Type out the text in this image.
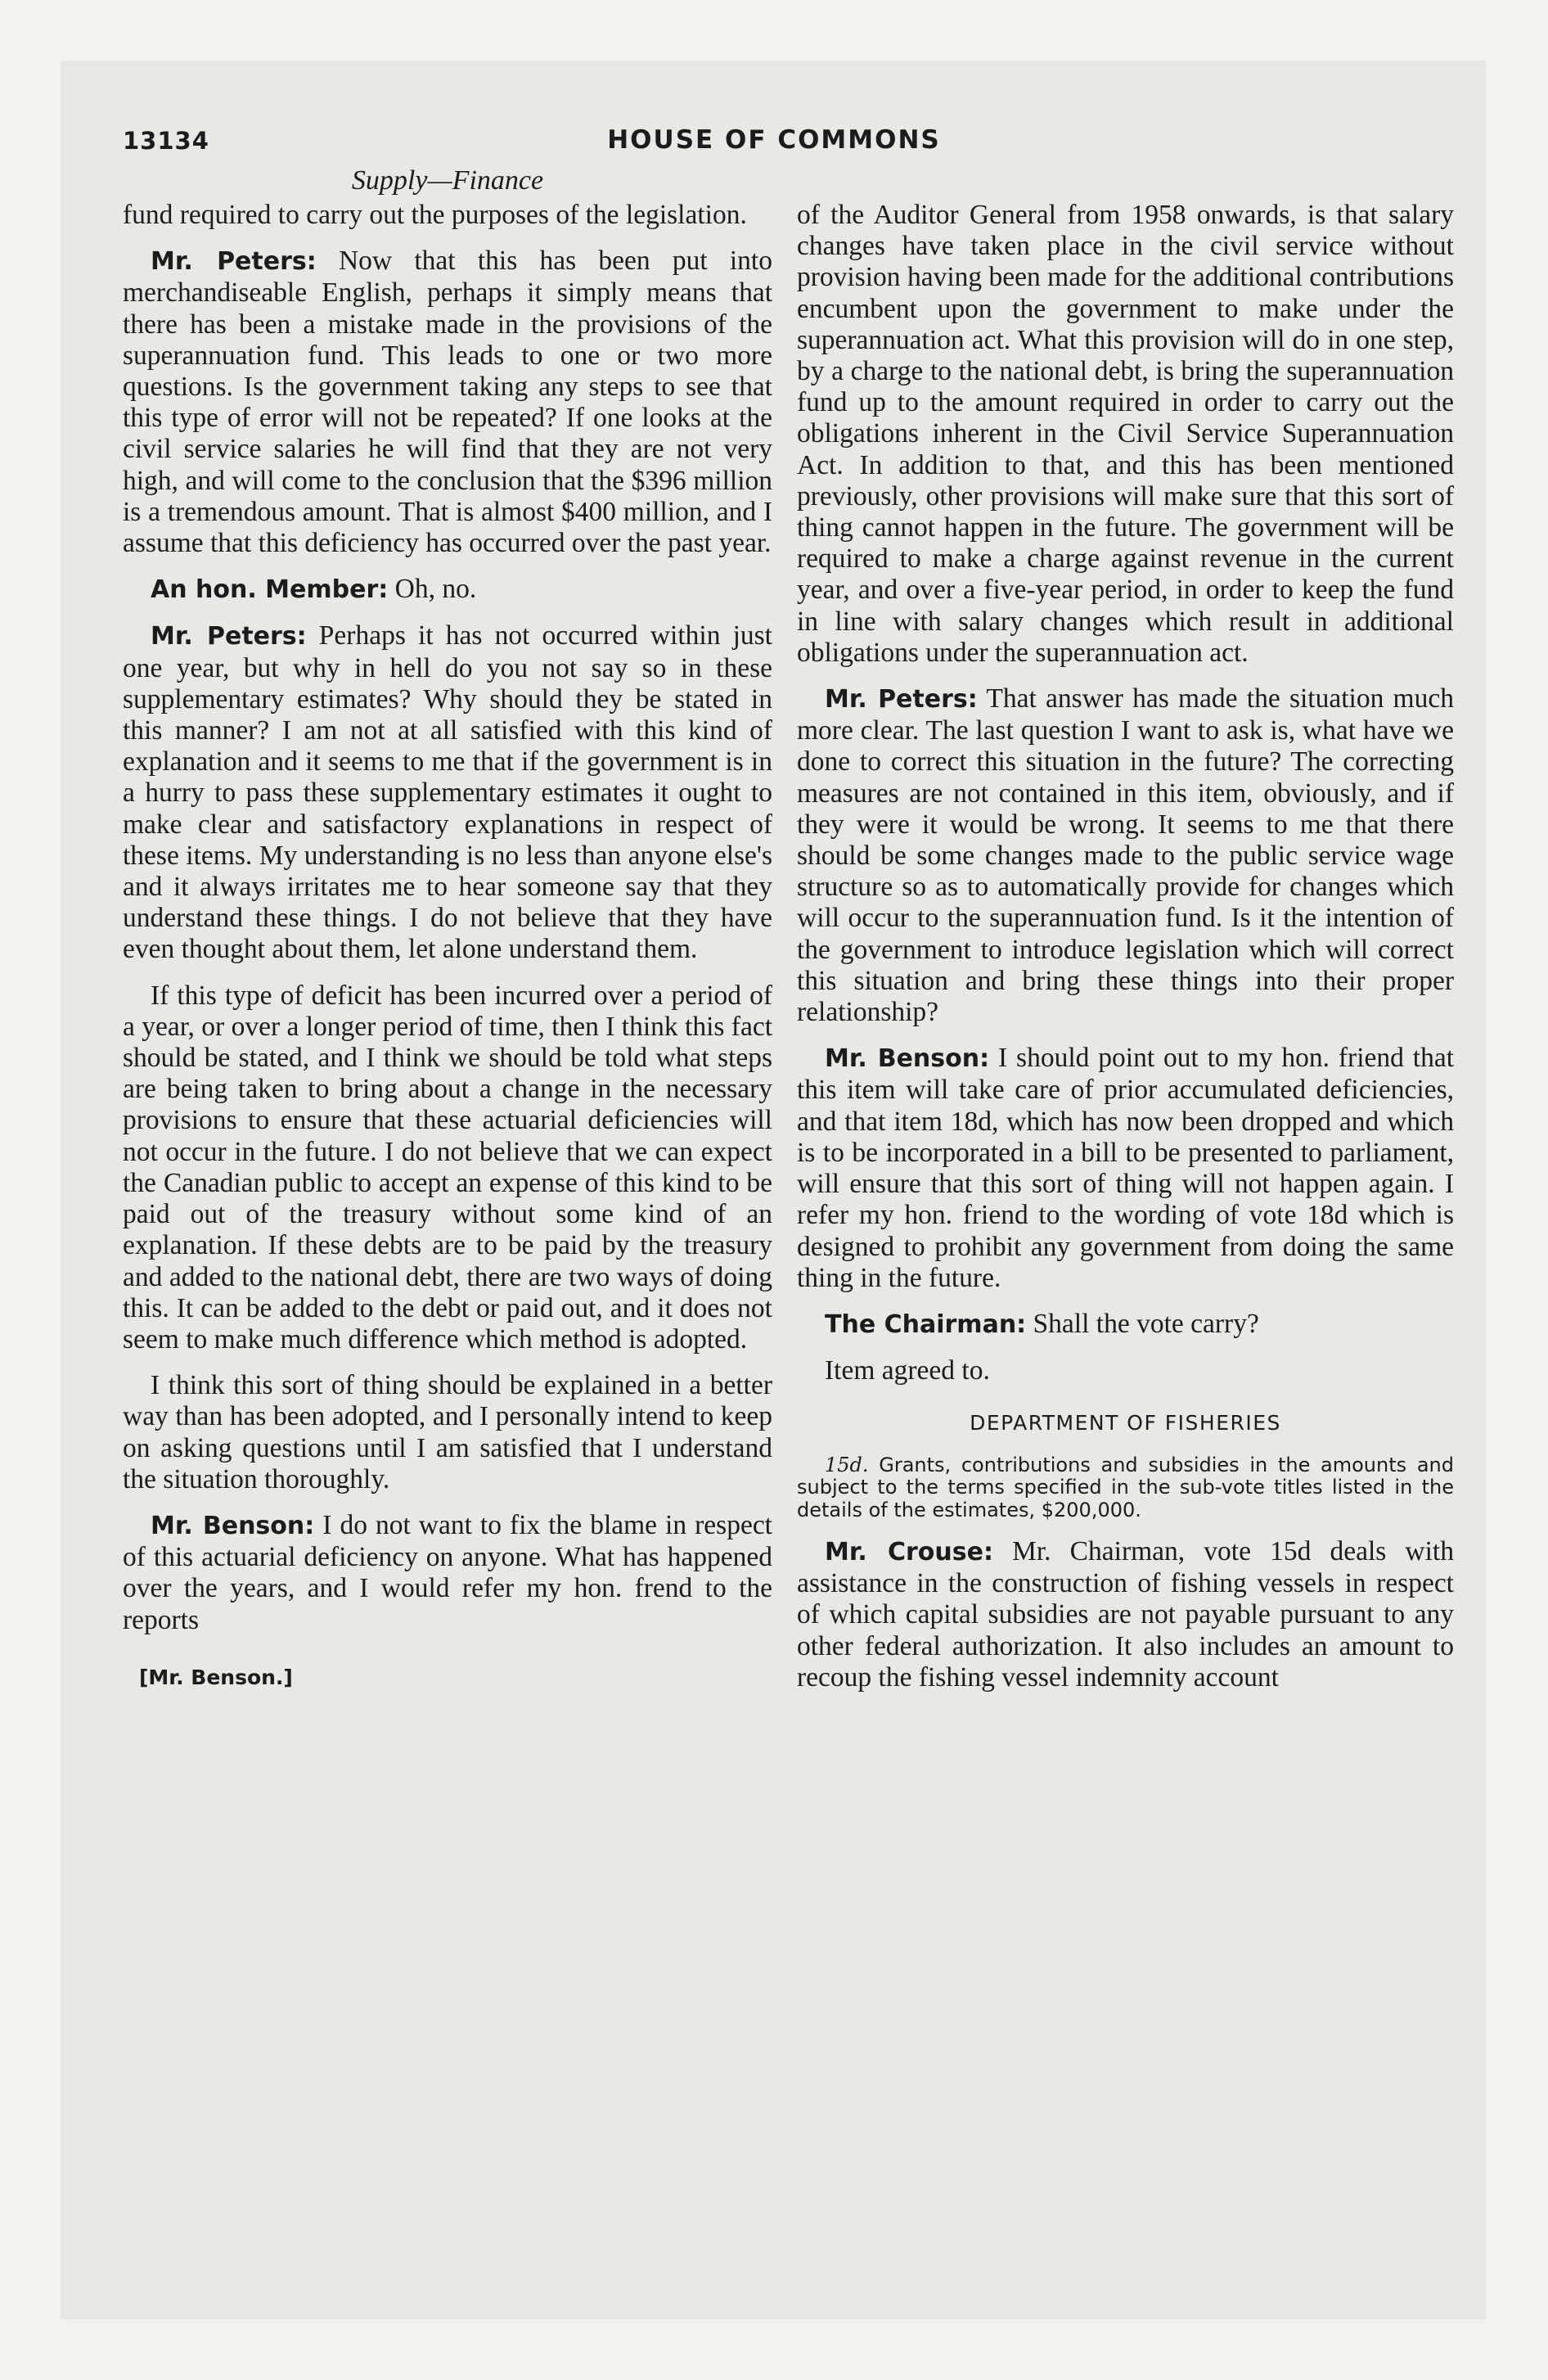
13134	HOUSE OF COMMONS
Supply—Finance

fund required to carry out the purposes of the legislation.

Mr. Peters: Now that this has been put into merchandiseable English, perhaps it simply means that there has been a mistake made in the provisions of the superannuation fund. This leads to one or two more questions. Is the government taking any steps to see that this type of error will not be repeated? If one looks at the civil service salaries he will find that they are not very high, and will come to the conclusion that the $396 million is a tremendous amount. That is almost $400 million, and I assume that this deficiency has occurred over the past year.

An hon. Member: Oh, no.

Mr. Peters: Perhaps it has not occurred within just one year, but why in hell do you not say so in these supplementary estimates? Why should they be stated in this manner? I am not at all satisfied with this kind of explanation and it seems to me that if the government is in a hurry to pass these supplementary estimates it ought to make clear and satisfactory explanations in respect of these items. My understanding is no less than anyone else's and it always irritates me to hear someone say that they understand these things. I do not believe that they have even thought about them, let alone understand them.

If this type of deficit has been incurred over a period of a year, or over a longer period of time, then I think this fact should be stated, and I think we should be told what steps are being taken to bring about a change in the necessary provisions to ensure that these actuarial deficiencies will not occur in the future. I do not believe that we can expect the Canadian public to accept an expense of this kind to be paid out of the treasury without some kind of an explanation. If these debts are to be paid by the treasury and added to the national debt, there are two ways of doing this. It can be added to the debt or paid out, and it does not seem to make much difference which method is adopted.

I think this sort of thing should be explained in a better way than has been adopted, and I personally intend to keep on asking questions until I am satisfied that I understand the situation thoroughly.

Mr. Benson: I do not want to fix the blame in respect of this actuarial deficiency on anyone. What has happened over the years, and I would refer my hon. frend to the reports

[Mr. Benson.]

of the Auditor General from 1958 onwards, is that salary changes have taken place in the civil service without provision having been made for the additional contributions encumbent upon the government to make under the superannuation act. What this provision will do in one step, by a charge to the national debt, is bring the superannuation fund up to the amount required in order to carry out the obligations inherent in the Civil Service Superannuation Act. In addition to that, and this has been mentioned previously, other provisions will make sure that this sort of thing cannot happen in the future. The government will be required to make a charge against revenue in the current year, and over a five-year period, in order to keep the fund in line with salary changes which result in additional obligations under the superannuation act.

Mr. Peters: That answer has made the situation much more clear. The last question I want to ask is, what have we done to correct this situation in the future? The correcting measures are not contained in this item, obviously, and if they were it would be wrong. It seems to me that there should be some changes made to the public service wage structure so as to automatically provide for changes which will occur to the superannuation fund. Is it the intention of the government to introduce legislation which will correct this situation and bring these things into their proper relationship?

Mr. Benson: I should point out to my hon. friend that this item will take care of prior accumulated deficiencies, and that item 18d, which has now been dropped and which is to be incorporated in a bill to be presented to parliament, will ensure that this sort of thing will not happen again. I refer my hon. friend to the wording of vote 18d which is designed to prohibit any government from doing the same thing in the future.

The Chairman: Shall the vote carry?

Item agreed to.

DEPARTMENT OF FISHERIES

15d. Grants, contributions and subsidies in the amounts and subject to the terms specified in the sub-vote titles listed in the details of the estimates, $200,000.

Mr. Crouse: Mr. Chairman, vote 15d deals with assistance in the construction of fishing vessels in respect of which capital subsidies are not payable pursuant to any other federal authorization. It also includes an amount to recoup the fishing vessel indemnity account
